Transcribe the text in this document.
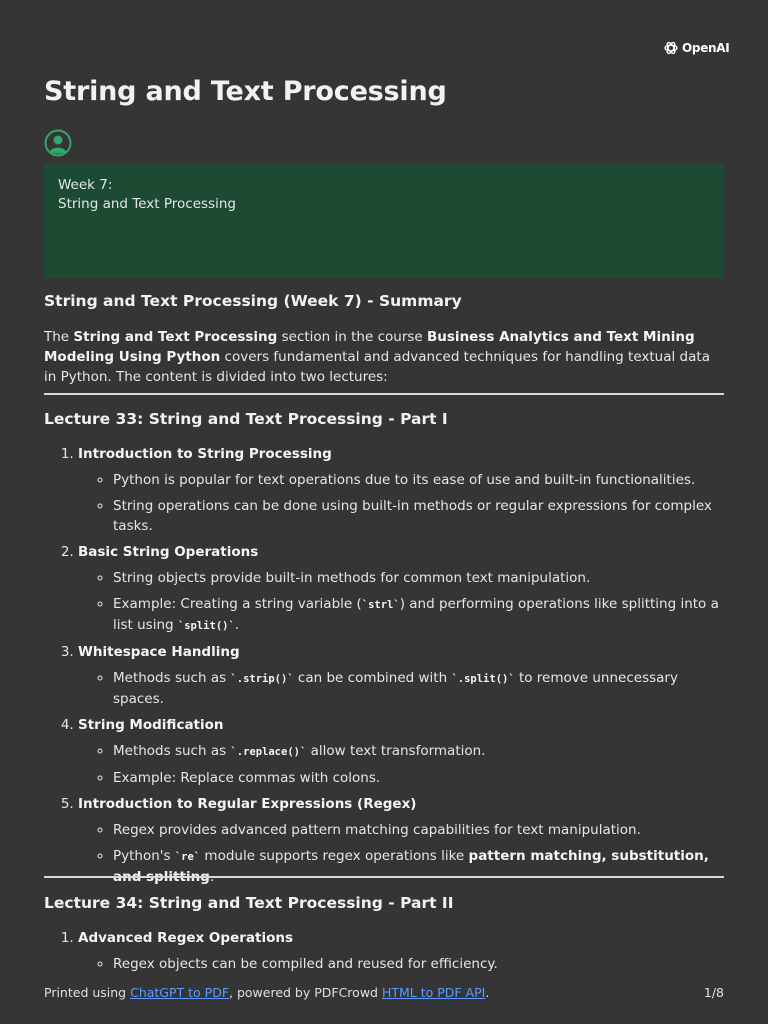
OpenAI
String and Text Processing
Week 7:
String and Text Processing
String and Text Processing (Week 7) - Summary

The String and Text Processing section in the course Business Analytics and Text Mining Modeling Using Python covers fundamental and advanced techniques for handling textual data in Python. The content is divided into two lectures:

Lecture 33: String and Text Processing - Part I
1. Introduction to String Processing
◦ Python is popular for text operations due to its ease of use and built-in functionalities.
◦ String operations can be done using built-in methods or regular expressions for complex tasks.
2. Basic String Operations
◦ String objects provide built-in methods for common text manipulation.
◦ Example: Creating a string variable (`strl`) and performing operations like splitting into a list using `split()`.
3. Whitespace Handling
◦ Methods such as `.strip()` can be combined with `.split()` to remove unnecessary spaces.
4. String Modification
◦ Methods such as `.replace()` allow text transformation.
◦ Example: Replace commas with colons.
5. Introduction to Regular Expressions (Regex)
◦ Regex provides advanced pattern matching capabilities for text manipulation.
◦ Python's `re` module supports regex operations like pattern matching, substitution, and splitting.
Lecture 34: String and Text Processing - Part II
1. Advanced Regex Operations
◦ Regex objects can be compiled and reused for efficiency.
Printed using ChatGPT to PDF, powered by PDFCrowd HTML to PDF API.	1/8
